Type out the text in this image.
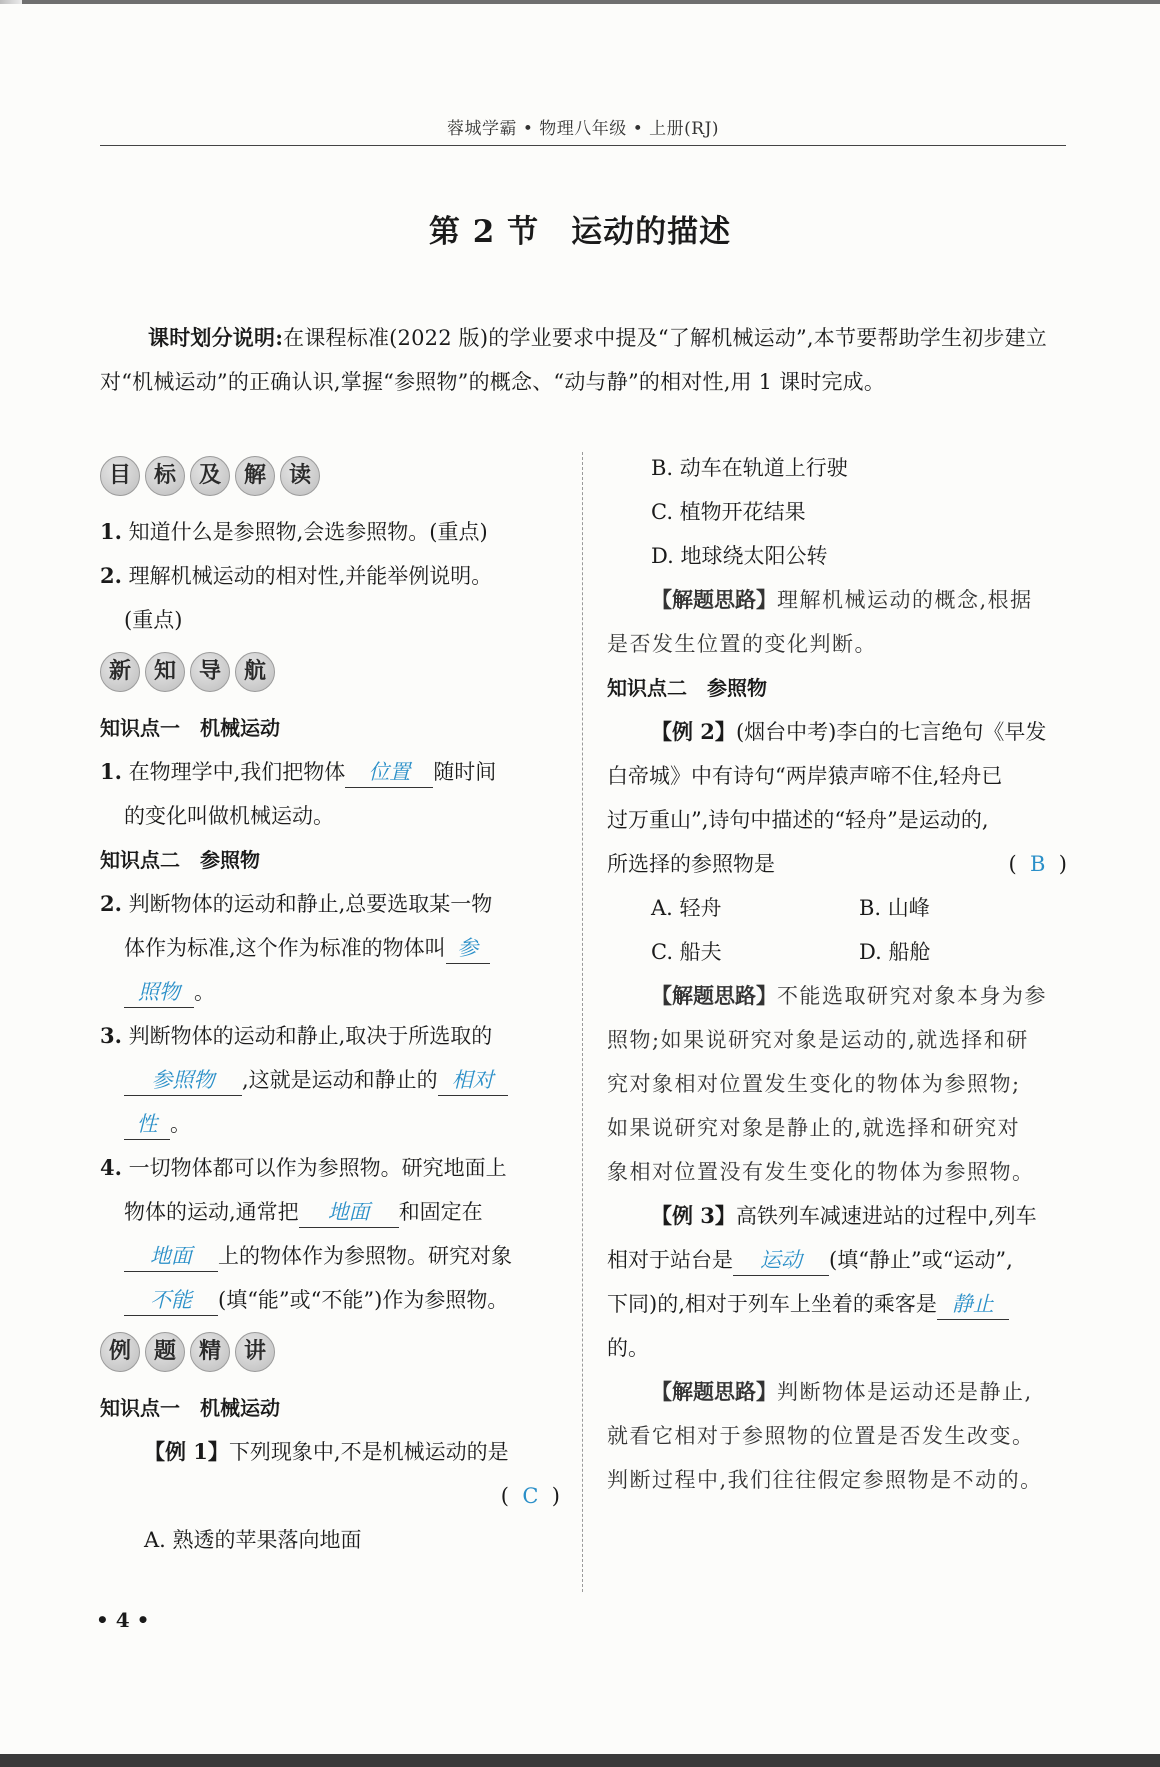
蓉城学霸 • 物理八年级 • 上册(RJ)
第 2 节　运动的描述
课时划分说明:在课程标准(2022 版)的学业要求中提及“了解机械运动”,本节要帮助学生初步建立对“机械运动”的正确认识,掌握“参照物”的概念、“动与静”的相对性,用 1 课时完成。
目	标	及	解	读
1. 知道什么是参照物,会选参照物。(重点)
2. 理解机械运动的相对性,并能举例说明。
(重点)
新	知	导	航
知识点一　机械运动
1. 在物理学中,我们把物体 位置 随时间
的变化叫做机械运动。
知识点二　参照物
2. 判断物体的运动和静止,总要选取某一物
体作为标准,这个作为标准的物体叫 参
照物 。
3. 判断物体的运动和静止,取决于所选取的
参照物 ,这就是运动和静止的 相对
性 。
4. 一切物体都可以作为参照物。研究地面上
物体的运动,通常把 地面 和固定在
地面 上的物体作为参照物。研究对象
不能 (填“能”或“不能”)作为参照物。
例	题	精	讲
知识点一　机械运动
【例 1】下列现象中,不是机械运动的是
( C )
A. 熟透的苹果落向地面
B. 动车在轨道上行驶
C. 植物开花结果
D. 地球绕太阳公转
【解题思路】理解机械运动的概念,根据
是否发生位置的变化判断。
知识点二　参照物
【例 2】(烟台中考)李白的七言绝句《早发
白帝城》中有诗句“两岸猿声啼不住,轻舟已
过万重山”,诗句中描述的“轻舟”是运动的,
所选择的参照物是	( B )
A. 轻舟	B. 山峰
C. 船夫	D. 船舱
【解题思路】不能选取研究对象本身为参
照物;如果说研究对象是运动的,就选择和研
究对象相对位置发生变化的物体为参照物;
如果说研究对象是静止的,就选择和研究对
象相对位置没有发生变化的物体为参照物。
【例 3】高铁列车减速进站的过程中,列车
相对于站台是 运动 (填“静止”或“运动”,
下同)的,相对于列车上坐着的乘客是 静止
的。
【解题思路】判断物体是运动还是静止,
就看它相对于参照物的位置是否发生改变。
判断过程中,我们往往假定参照物是不动的。
• 4 •
